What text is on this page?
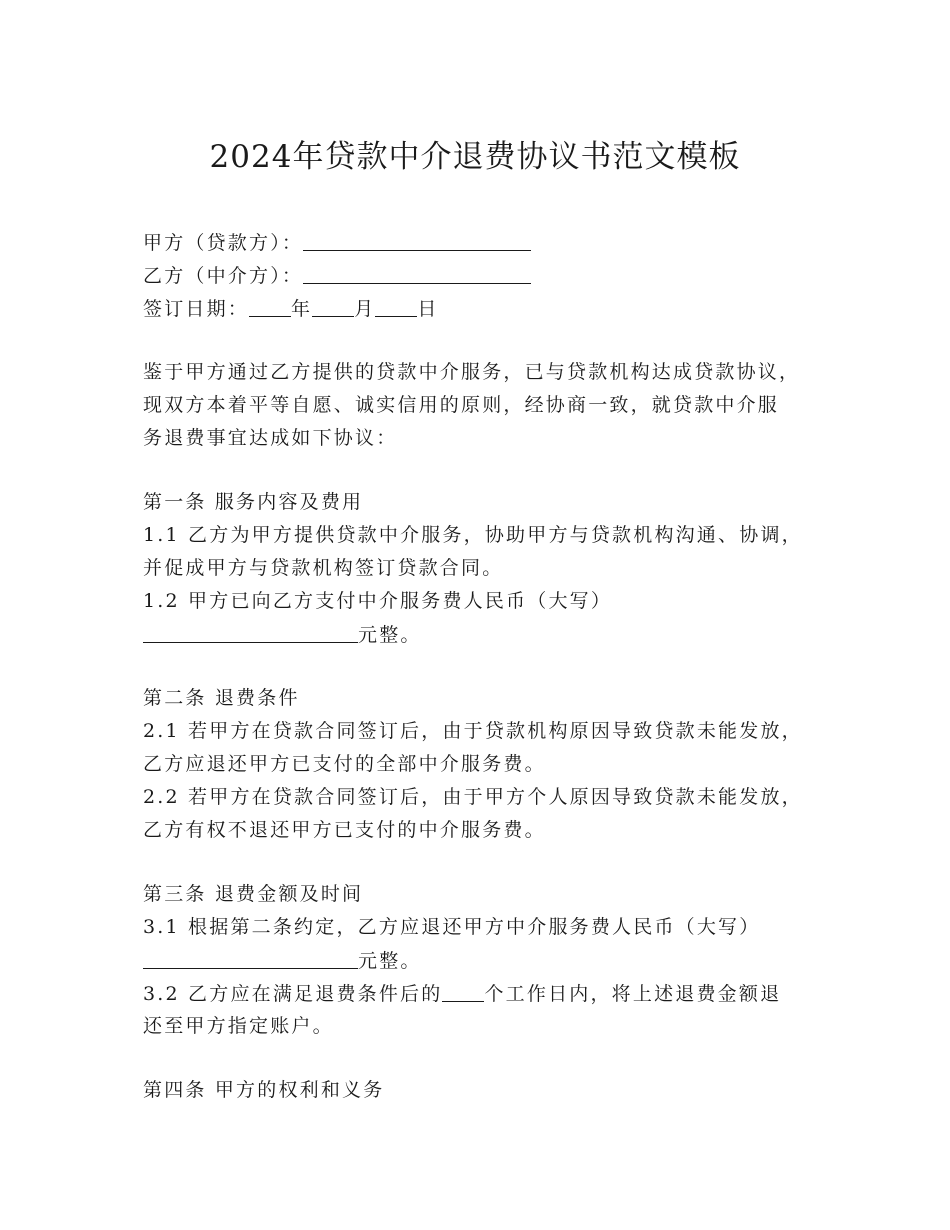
2024年贷款中介退费协议书范文模板
甲方（贷款方）：
乙方（中介方）：
签订日期： 年 月 日
鉴于甲方通过乙方提供的贷款中介服务，已与贷款机构达成贷款协议，
现双方本着平等自愿、诚实信用的原则，经协商一致，就贷款中介服
务退费事宜达成如下协议：
第一条 服务内容及费用
1.1 乙方为甲方提供贷款中介服务，协助甲方与贷款机构沟通、协调，
并促成甲方与贷款机构签订贷款合同。
1.2 甲方已向乙方支付中介服务费人民币（大写）
元整。
第二条 退费条件
2.1 若甲方在贷款合同签订后，由于贷款机构原因导致贷款未能发放，
乙方应退还甲方已支付的全部中介服务费。
2.2 若甲方在贷款合同签订后，由于甲方个人原因导致贷款未能发放，
乙方有权不退还甲方已支付的中介服务费。
第三条 退费金额及时间
3.1 根据第二条约定，乙方应退还甲方中介服务费人民币（大写）
元整。
3.2 乙方应在满足退费条件后的 个工作日内，将上述退费金额退
还至甲方指定账户。
第四条 甲方的权利和义务
